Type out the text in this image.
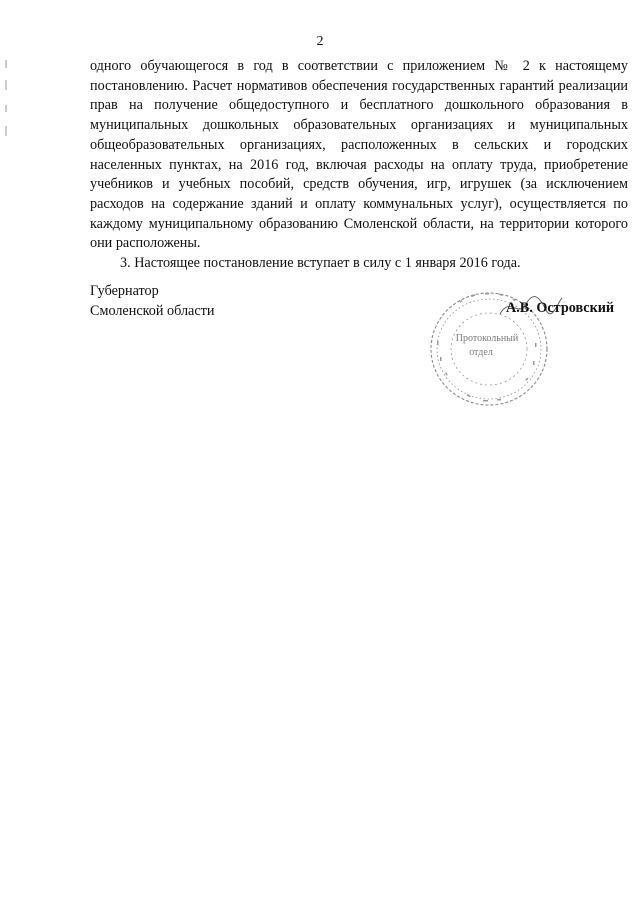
2

одного обучающегося в год в соответствии с приложением № 2 к настоящему постановлению. Расчет нормативов обеспечения государственных гарантий реализации прав на получение общедоступного и бесплатного дошкольного образования в муниципальных дошкольных образовательных организациях и муниципальных общеобразовательных организациях, расположенных в сельских и городских населенных пунктах, на 2016 год, включая расходы на оплату труда, приобретение учебников и учебных пособий, средств обучения, игр, игрушек (за исключением расходов на содержание зданий и оплату коммунальных услуг), осуществляется по каждому муниципальному образованию Смоленской области, на территории которого они расположены.

3. Настоящее постановление вступает в силу с 1 января 2016 года.

Губернатор
Смоленской области
Протокольный
отдел
А.В. Островский
